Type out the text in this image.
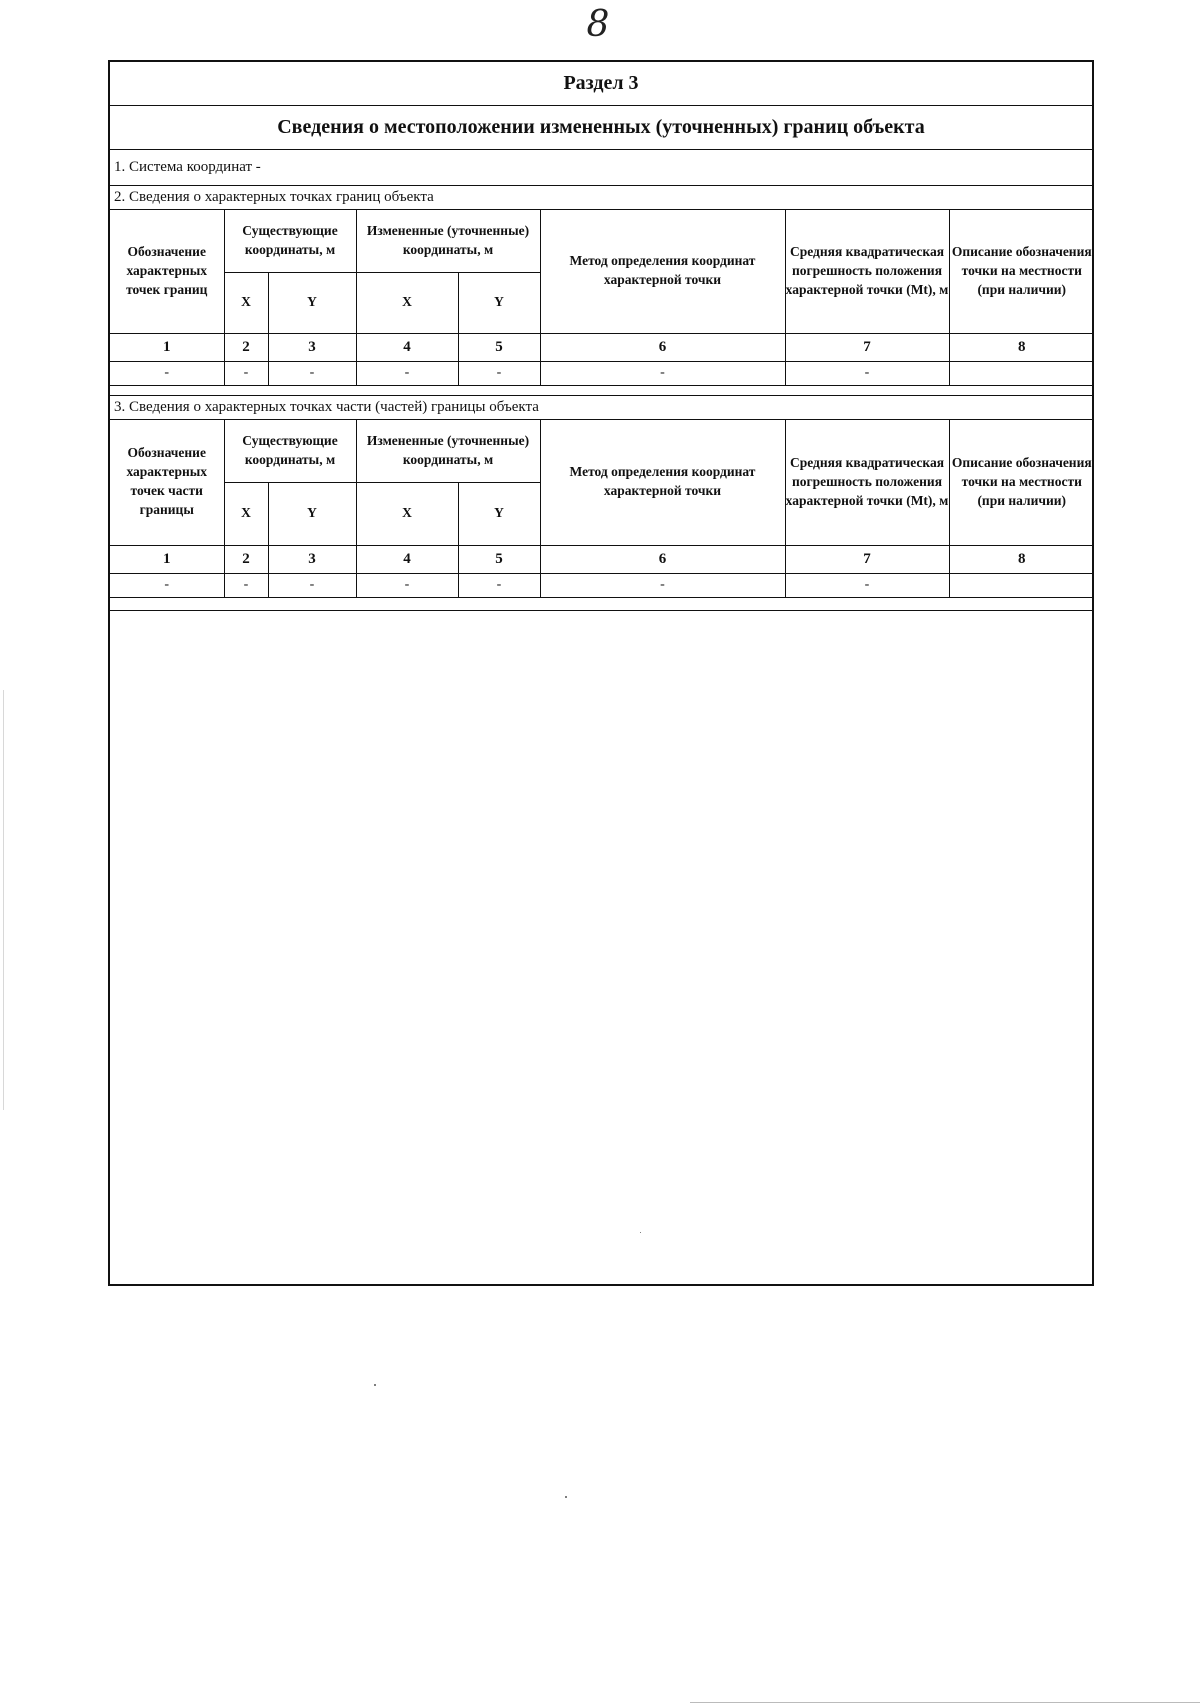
8
Раздел 3
Сведения о местоположении измененных (уточненных) границ объекта
1. Система координат -
2. Сведения о характерных точках границ объекта
Обозначение характерных точек границ	Существующие координаты, м		Измененные (уточненные) координаты, м		Метод определения координат характерной точки	Средняя квадратическая погрешность положения характерной точки (Mt), м	Описание обозначения точки на местности (при наличии)
	X	Y	X	Y			
1	2	3	4	5	6	7	8
-	-	-	-	-	-	-	
3. Сведения о характерных точках части (частей) границы объекта
Обозначение характерных точек части границы	Существующие координаты, м		Измененные (уточненные) координаты, м		Метод определения координат характерной точки	Средняя квадратическая погрешность положения характерной точки (Mt), м	Описание обозначения точки на местности (при наличии)
	X	Y	X	Y			
1	2	3	4	5	6	7	8
-	-	-	-	-	-	-	
